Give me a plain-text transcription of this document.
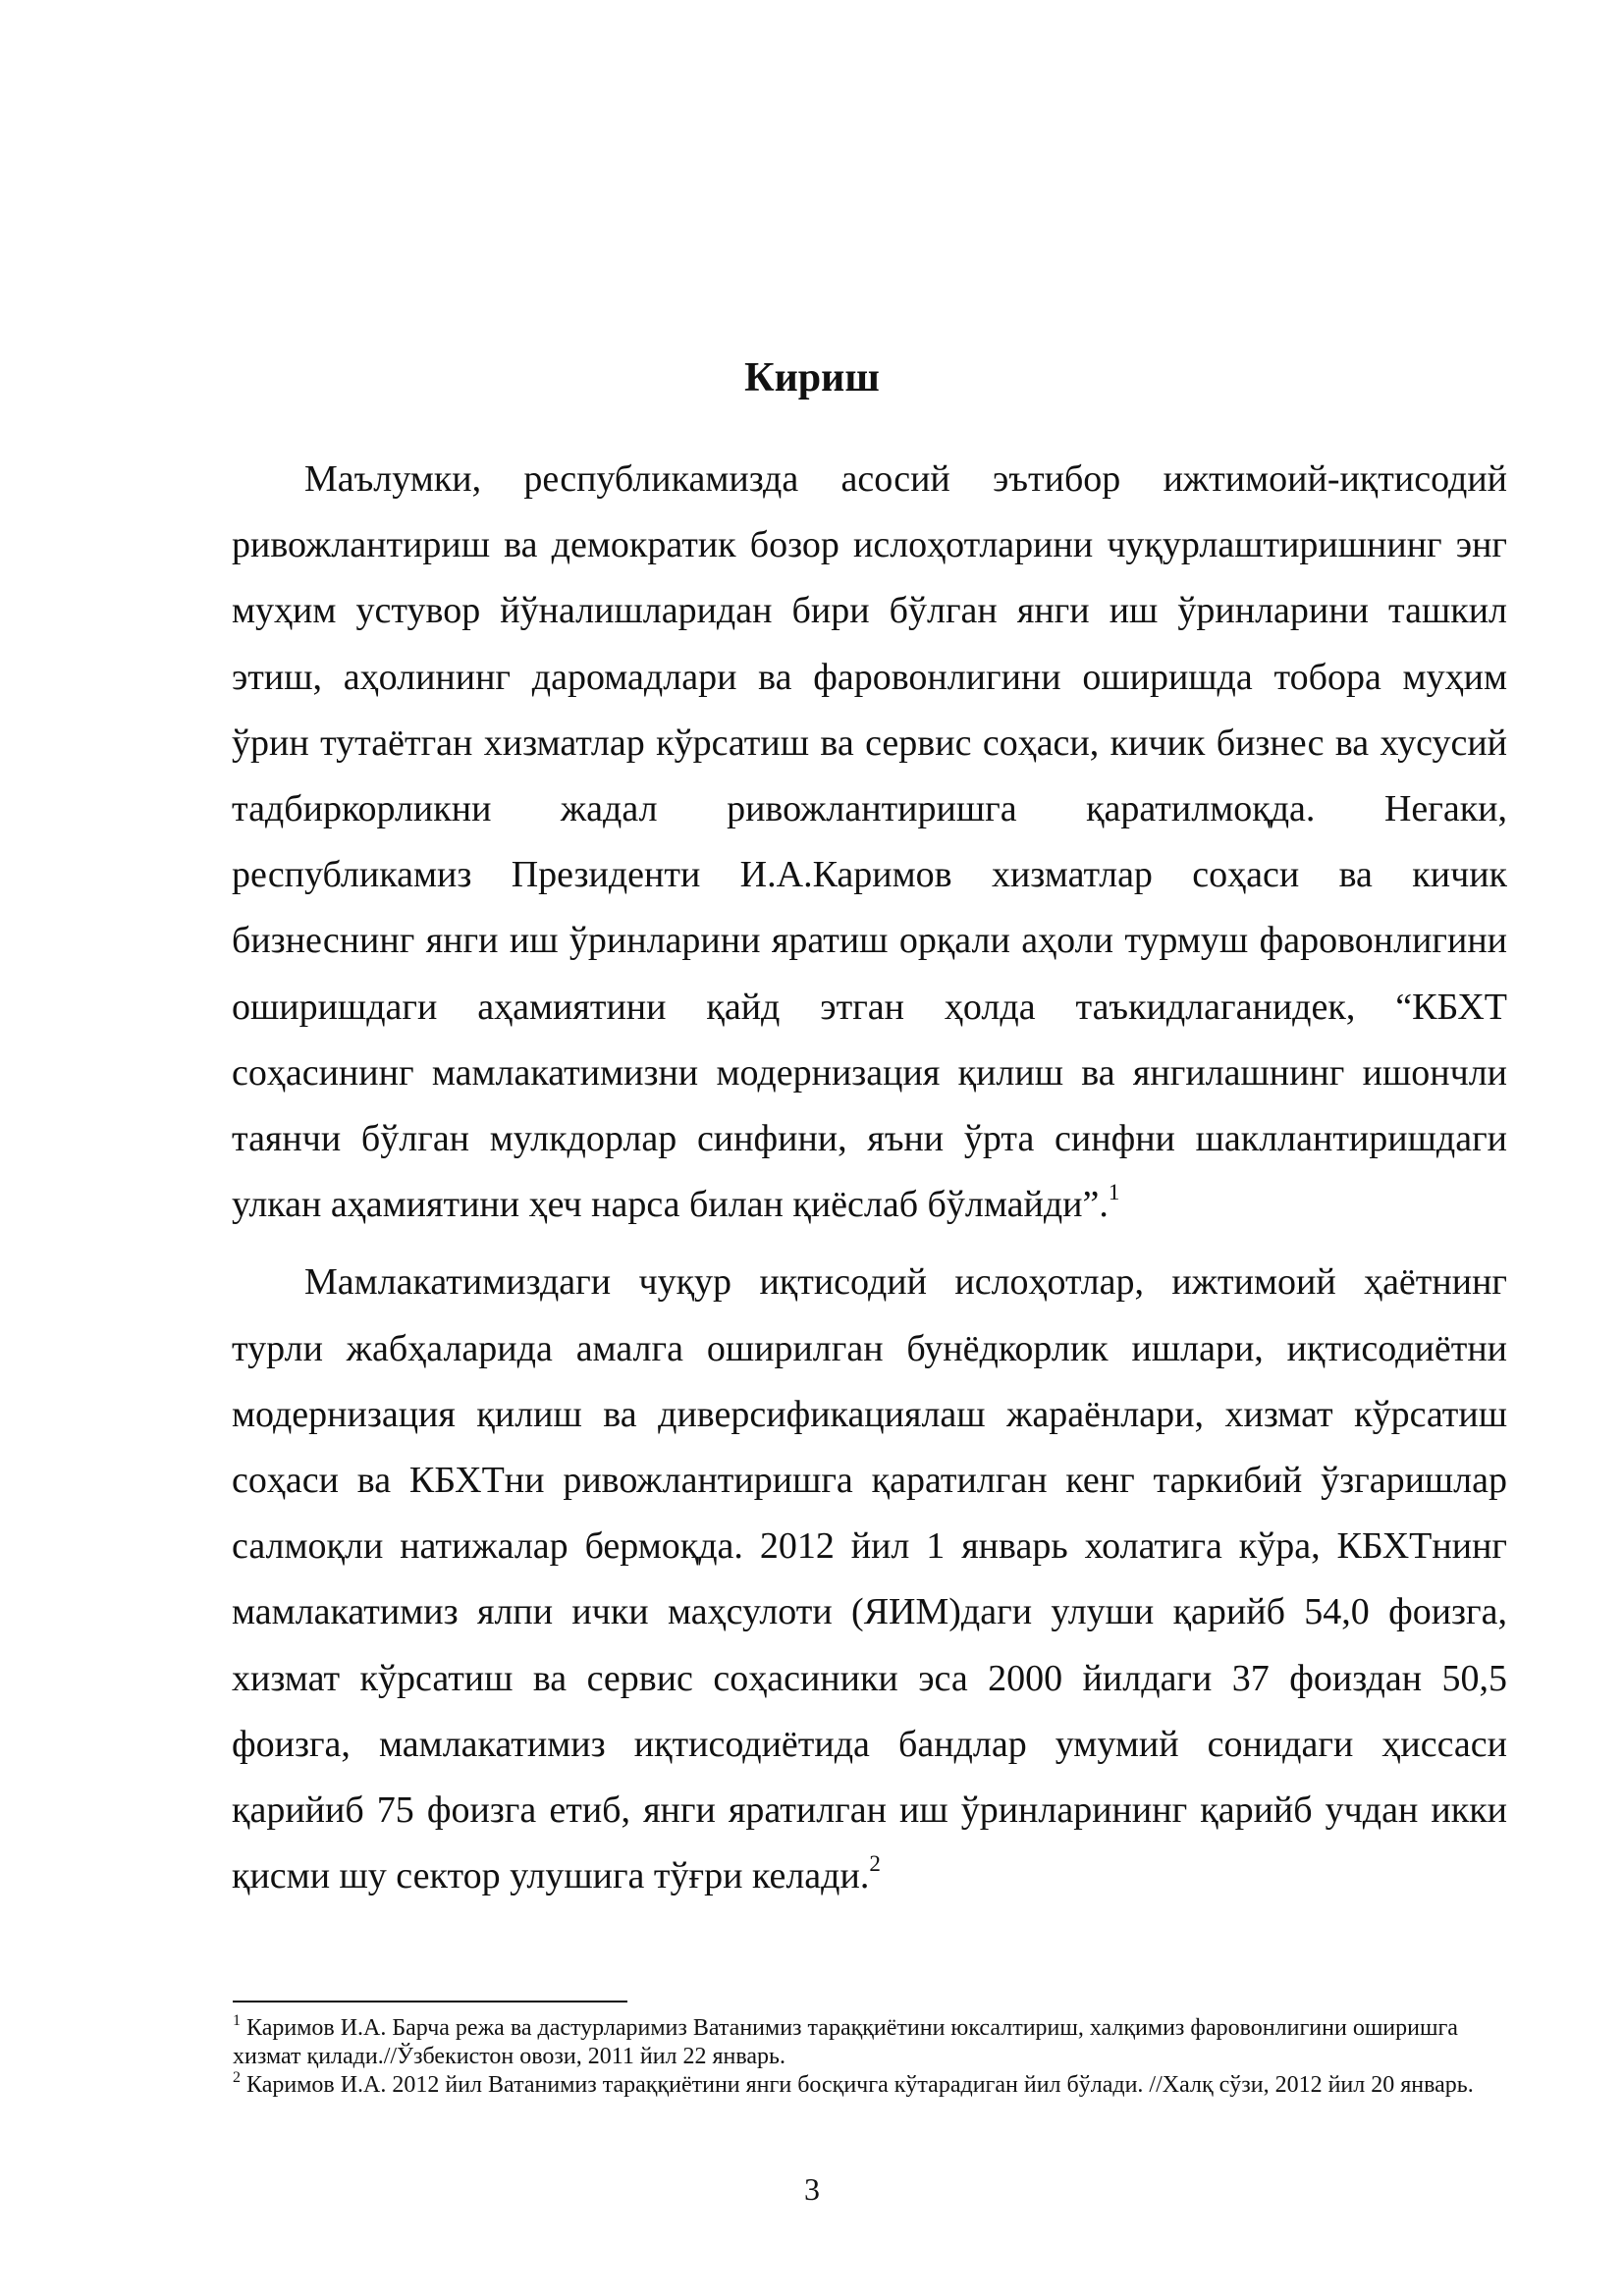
Кириш

Маълумки, республикамизда асосий эътибор ижтимоий-иқтисодий ривожлантириш ва демократик бозор ислоҳотларини чуқурлаштиришнинг энг муҳим устувор йўналишларидан бири бўлган янги иш ўринларини ташкил этиш, аҳолининг даромадлари ва фаровонлигини оширишда тобора муҳим ўрин тутаётган хизматлар кўрсатиш ва сервис соҳаси, кичик бизнес ва хусусий тадбиркорликни жадал ривожлантиришга қаратилмоқда. Негаки, республикамиз Президенти И.А.Каримов хизматлар соҳаси ва кичик бизнеснинг янги иш ўринларини яратиш орқали аҳоли турмуш фаровонлигини оширишдаги аҳамиятини қайд этган ҳолда таъкидлаганидек, “КБХТ соҳасининг мамлакатимизни модернизация қилиш ва янгилашнинг ишончли таянчи бўлган мулкдорлар синфини, яъни ўрта синфни шакллантиришдаги улкан аҳамиятини ҳеч нарса билан қиёслаб бўлмайди”.$^1$

Мамлакатимиздаги чуқур иқтисодий ислоҳотлар, ижтимоий ҳаётнинг турли жабҳаларида амалга оширилган бунёдкорлик ишлари, иқтисодиётни модернизация қилиш ва диверсификациялаш жараёнлари, хизмат кўрсатиш соҳаси ва КБХТни ривожлантиришга қаратилган кенг таркибий ўзгаришлар салмоқли натижалар бермоқда. 2012 йил 1 январь холатига кўра, КБХТнинг мамлакатимиз ялпи ички маҳсулоти (ЯИМ)даги улуши қарийб 54,0 фоизга, хизмат кўрсатиш ва сервис соҳасиники эса 2000 йилдаги 37 фоиздан 50,5 фоизга, мамлакатимиз иқтисодиётида бандлар умумий сонидаги ҳиссаси қарийиб 75 фоизга етиб, янги яратилган иш ўринларининг қарийб учдан икки қисми шу сектор улушига тўғри келади.$^2$

$^1$ Каримов И.А. Барча режа ва дастурларимиз Ватанимиз тараққиётини юксалтириш, халқимиз фаровонлигини оширишга хизмат қилади.//Ўзбекистон овози, 2011 йил 22 январь.

$^2$ Каримов И.А. 2012 йил Ватанимиз тараққиётини янги босқичга кўтарадиган йил бўлади. //Халқ сўзи, 2012 йил 20 январь.

3
